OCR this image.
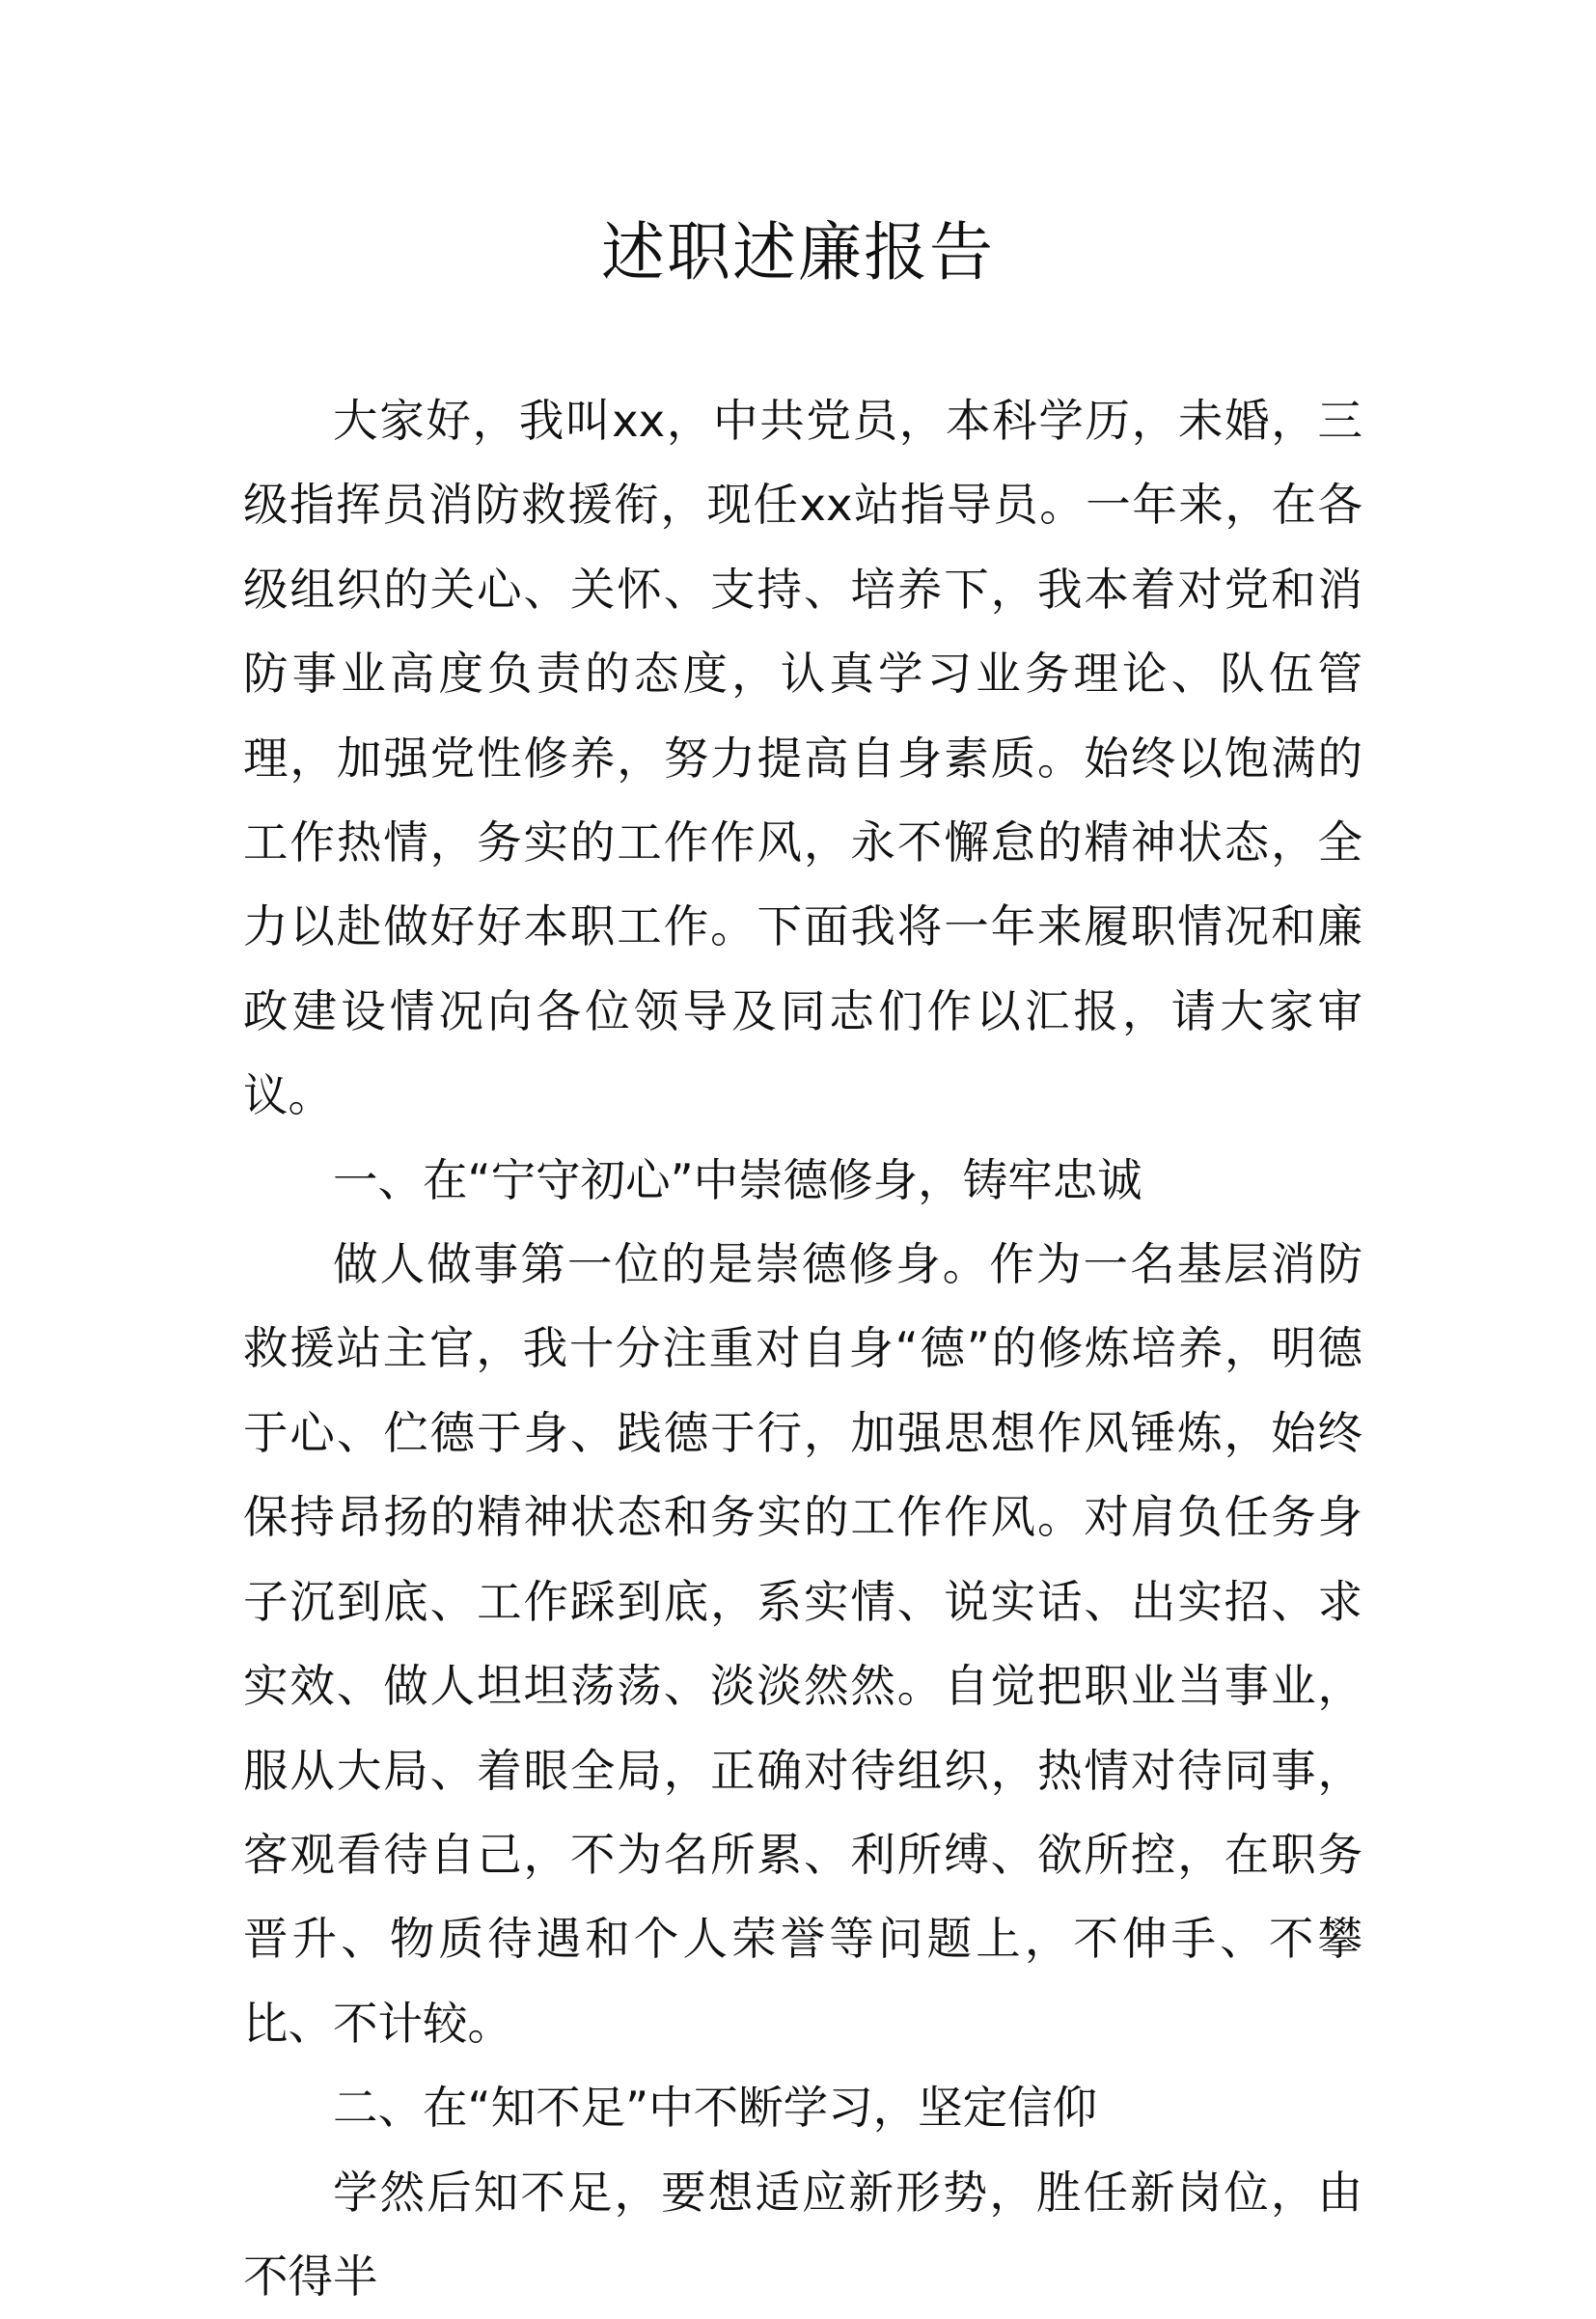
述职述廉报告

大家好，我叫xx，中共党员，本科学历，未婚，三级指挥员消防救援衔，现任xx站指导员。一年来，在各级组织的关心、关怀、支持、培养下，我本着对党和消防事业高度负责的态度，认真学习业务理论、队伍管理，加强党性修养，努力提高自身素质。始终以饱满的工作热情，务实的工作作风，永不懈怠的精神状态，全力以赴做好好本职工作。下面我将一年来履职情况和廉政建设情况向各位领导及同志们作以汇报，请大家审议。

一、在“宁守初心”中崇德修身，铸牢忠诚

做人做事第一位的是崇德修身。作为一名基层消防救援站主官，我十分注重对自身“德”的修炼培养，明德于心、伫德于身、践德于行，加强思想作风锤炼，始终保持昂扬的精神状态和务实的工作作风。对肩负任务身子沉到底、工作踩到底，系实情、说实话、出实招、求实效、做人坦坦荡荡、淡淡然然。自觉把职业当事业，服从大局、着眼全局，正确对待组织，热情对待同事，客观看待自己，不为名所累、利所缚、欲所控，在职务晋升、物质待遇和个人荣誉等问题上，不伸手、不攀比、不计较。

二、在“知不足”中不断学习，坚定信仰

学然后知不足，要想适应新形势，胜任新岗位，由不得半
